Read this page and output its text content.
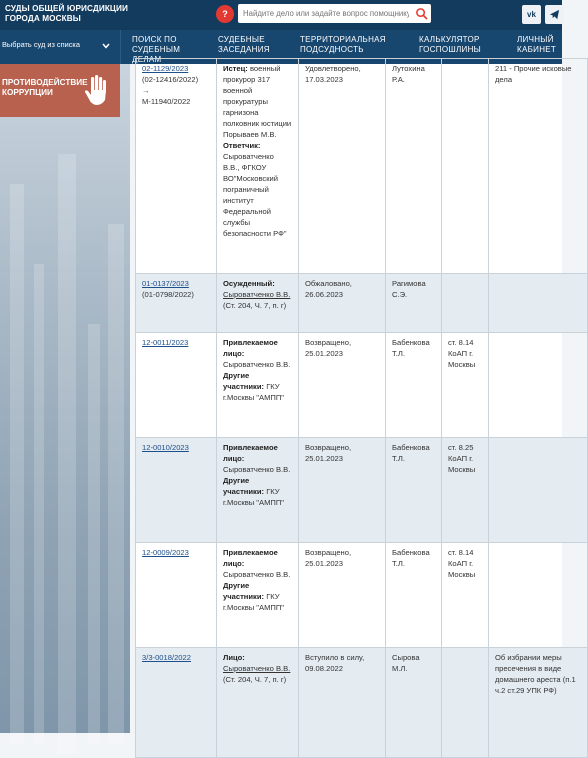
СУДЫ ОБЩЕЙ ЮРИСДИКЦИИ
ГОРОДА МОСКВЫ	?
Найдите дело или задайте вопрос помощнику	vk
Выбрать суд из списка
ПОИСК ПО
СУДЕБНЫМ
ДЕЛАМ
СУДЕБНЫЕ
ЗАСЕДАНИЯ
ТЕРРИТОРИАЛЬНАЯ
ПОДСУДНОСТЬ
КАЛЬКУЛЯТОР
ГОСПОШЛИНЫ
ЛИЧНЫЙ
КАБИНЕТ
ПРОТИВОДЕЙСТВИЕ
КОРРУПЦИИ
02-1129/2023
(02-12416/2022)
→
М-11940/2022	Истец: военный прокурор 317 военной прокуратуры гарнизона полковник юстиции Порываев М.В.
Ответчик: Сыроватченко В.В., ФГКОУ ВО"Московский пограничный институт Федеральной службы безопасности РФ"	Удовлетворено, 17.03.2023	Лутохина Р.А.		211 - Прочие исковые дела
01-0137/2023
(01-0798/2022)	Осужденный:
Сыроватченко В.В. (Ст. 204, Ч. 7, п. г)	Обжаловано, 26.06.2023	Рагимова С.Э.		
12-0011/2023	Привлекаемое лицо:
Сыроватченко В.В.
Другие участники: ГКУ г.Москвы "АМПП"	Возвращено, 25.01.2023	Бабенкова Т.Л.	ст. 8.14 КоАП г. Москвы	
12-0010/2023	Привлекаемое лицо:
Сыроватченко В.В.
Другие участники: ГКУ г.Москвы "АМПП"	Возвращено, 25.01.2023	Бабенкова Т.Л.	ст. 8.25 КоАП г. Москвы	
12-0009/2023	Привлекаемое лицо:
Сыроватченко В.В.
Другие участники: ГКУ г.Москвы "АМПП"	Возвращено, 25.01.2023	Бабенкова Т.Л.	ст. 8.14 КоАП г. Москвы	
3/3-0018/2022	Лицо:
Сыроватченко В.В. (Ст. 204, Ч. 7, п. г)	Вступило в силу, 09.08.2022	Сырова М.Л.		Об избрании меры пресечения в виде домашнего ареста (п.1 ч.2 ст.29 УПК РФ)
